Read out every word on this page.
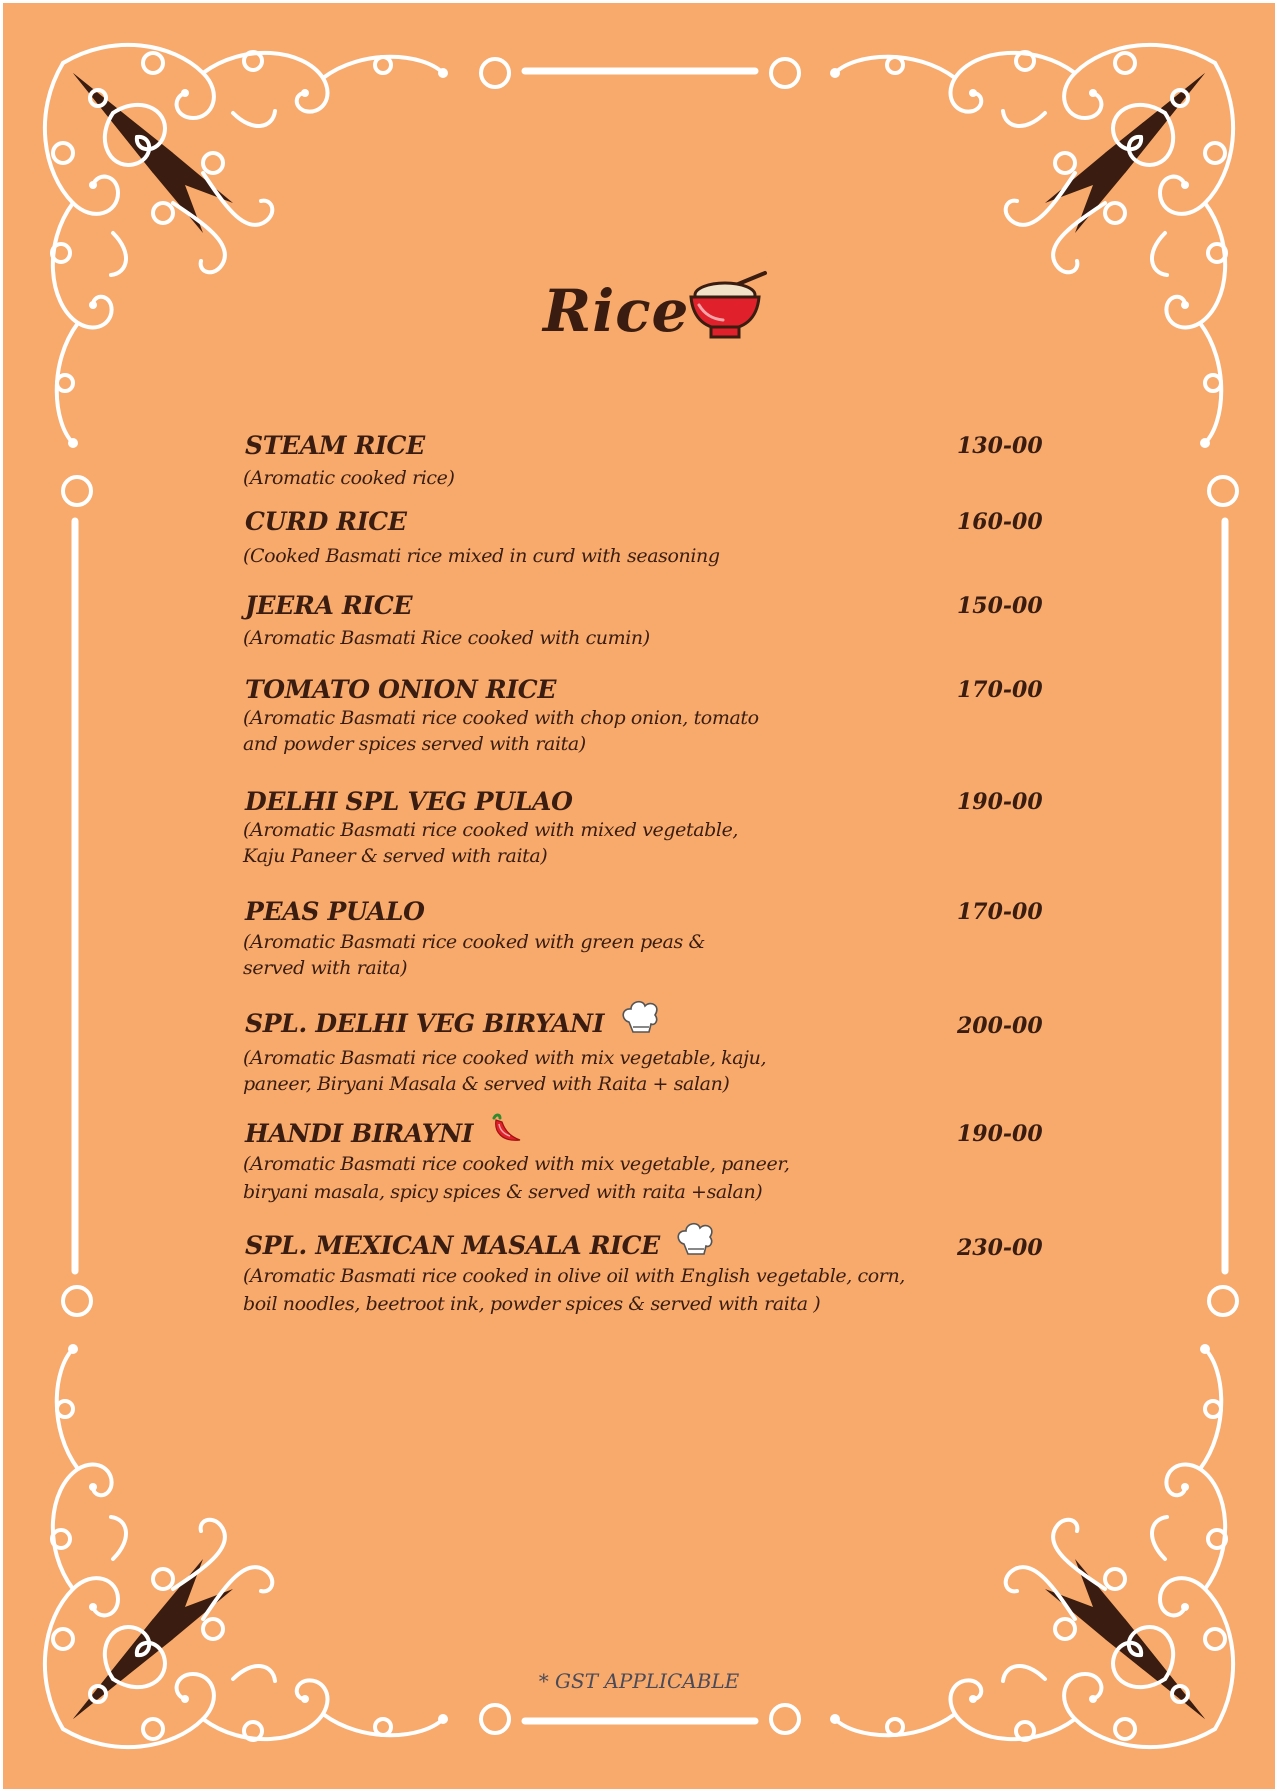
Rice
STEAM RICE	130-00
(Aromatic cooked rice)
CURD RICE	160-00
(Cooked Basmati rice mixed in curd with seasoning
JEERA RICE	150-00
(Aromatic Basmati Rice cooked with cumin)
TOMATO ONION RICE	170-00
(Aromatic Basmati rice cooked with chop onion, tomato
and powder spices served with raita)
DELHI SPL VEG PULAO	190-00
(Aromatic Basmati rice cooked with mixed vegetable,
Kaju Paneer & served with raita)
PEAS PUALO	170-00
(Aromatic Basmati rice cooked with green peas &
served with raita)
SPL. DELHI VEG BIRYANI	200-00
(Aromatic Basmati rice cooked with mix vegetable, kaju,
paneer, Biryani Masala & served with Raita + salan)
HANDI BIRAYNI	190-00
(Aromatic Basmati rice cooked with mix vegetable, paneer,
biryani masala, spicy spices & served with raita +salan)
SPL. MEXICAN MASALA RICE	230-00
(Aromatic Basmati rice cooked in olive oil with English vegetable, corn,
boil noodles, beetroot ink, powder spices & served with raita )
* GST APPLICABLE
